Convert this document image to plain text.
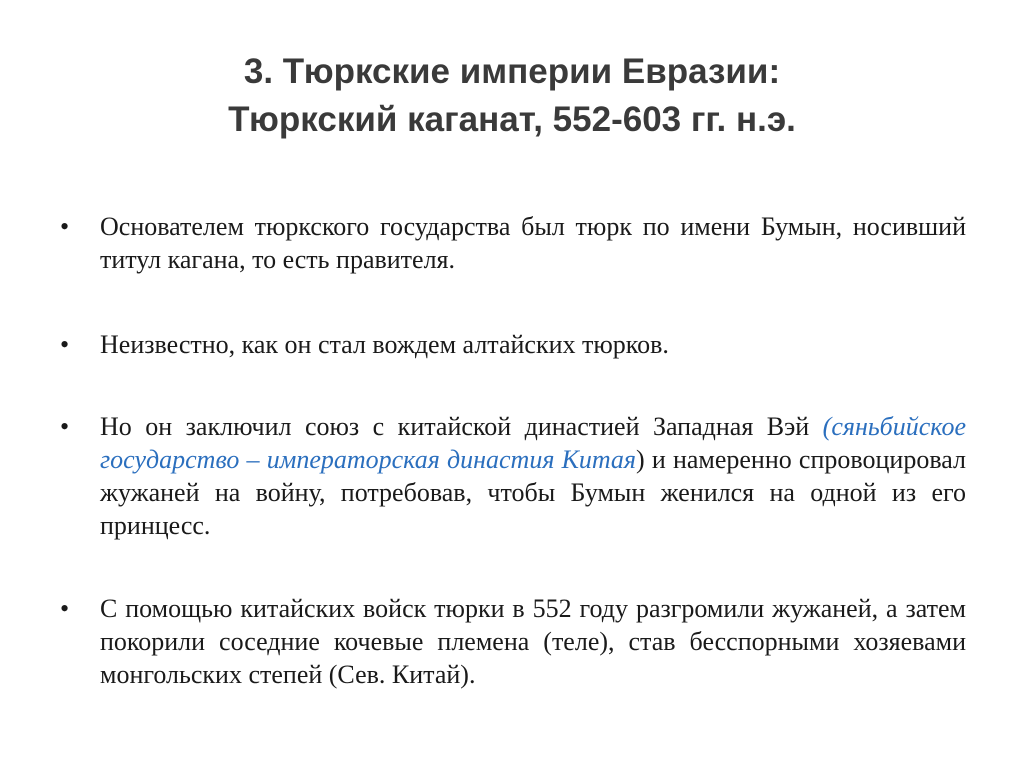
3. Тюркские империи Евразии:
Тюркский каганат, 552-603 гг. н.э.
•	Основателем тюркского государства был тюрк по имени Бумын, носивший титул кагана, то есть правителя.
•	Неизвестно, как он стал вождем алтайских тюрков.
•	Но он заключил союз с китайской династией Западная Вэй (сяньбийское государство – императорская династия Китая) и намеренно спровоцировал жужаней на войну, потребовав, чтобы Бумын женился на одной из его принцесс.
•	С помощью китайских войск тюрки в 552 году разгромили жужаней, а затем покорили соседние кочевые племена (теле), став бесспорными хозяевами монгольских степей (Сев. Китай).
